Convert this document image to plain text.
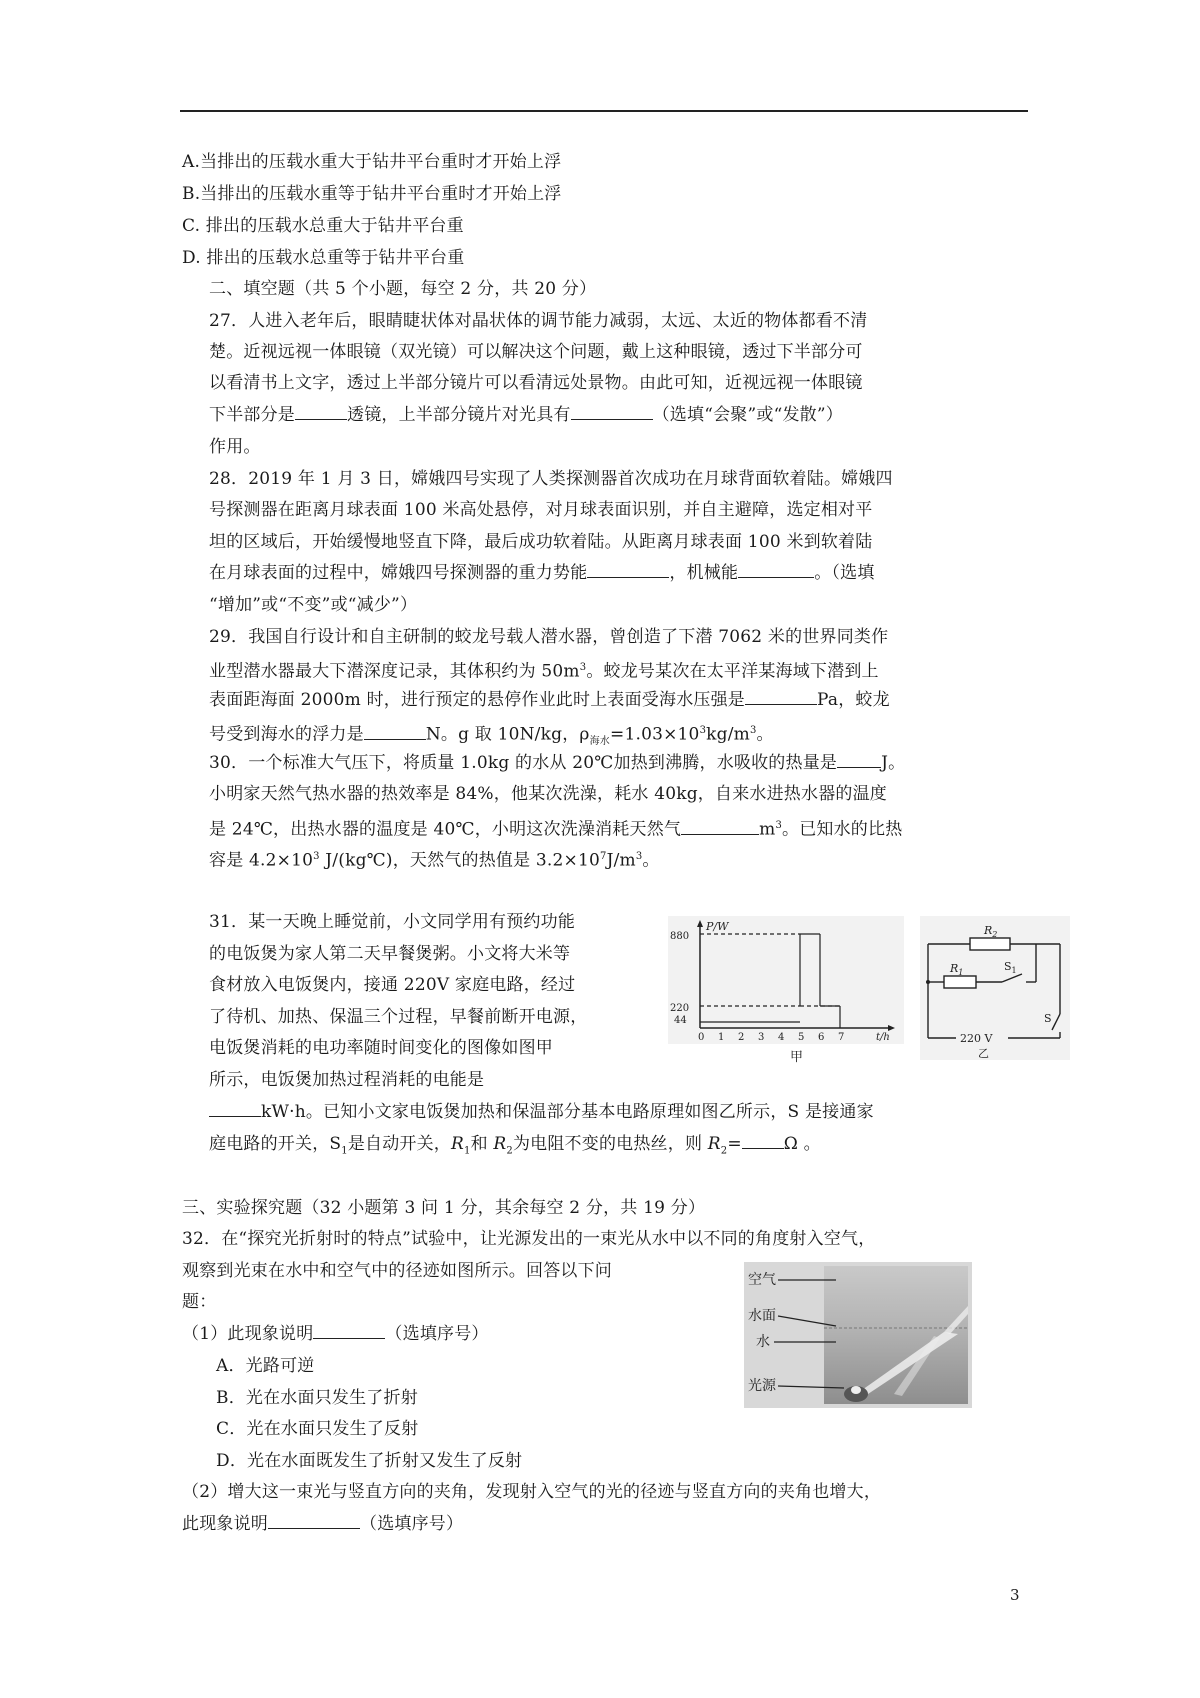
A.当排出的压载水重大于钻井平台重时才开始上浮
B.当排出的压载水重等于钻井平台重时才开始上浮
C. 排出的压载水总重大于钻井平台重
D. 排出的压载水总重等于钻井平台重
二、填空题（共 5 个小题，每空 2 分，共 20 分）
27．人进入老年后，眼睛睫状体对晶状体的调节能力减弱，太远、太近的物体都看不清
楚。近视远视一体眼镜（双光镜）可以解决这个问题，戴上这种眼镜，透过下半部分可
以看清书上文字，透过上半部分镜片可以看清远处景物。由此可知，近视远视一体眼镜
下半部分是	透镜，上半部分镜片对光具有	（选填“会聚”或“发散”）
作用。
28．2019 年 1 月 3 日，嫦娥四号实现了人类探测器首次成功在月球背面软着陆。嫦娥四
号探测器在距离月球表面 100 米高处悬停，对月球表面识别，并自主避障，选定相对平
坦的区域后，开始缓慢地竖直下降，最后成功软着陆。从距离月球表面 100 米到软着陆
在月球表面的过程中，嫦娥四号探测器的重力势能	，机械能	。（选填
“增加”或“不变”或“减少”）
29．我国自行设计和自主研制的蛟龙号载人潜水器，曾创造了下潜 7062 米的世界同类作
业型潜水器最大下潜深度记录，其体积约为 $50m^3$。蛟龙号某次在太平洋某海域下潜到上
表面距海面 2000m 时，进行预定的悬停作业此时上表面受海水压强是	Pa，蛟龙
号受到海水的浮力是	N。g 取 10N/kg，$\rho_{海水}=1.03\times 10^3kg/m^3$。
30．一个标准大气压下，将质量 1.0kg 的水从 20℃加热到沸腾，水吸收的热量是	J。
小明家天然气热水器的热效率是 84%，他某次洗澡，耗水 40kg，自来水进热水器的温度
是 24℃，出热水器的温度是 40℃，小明这次洗澡消耗天然气	$m^3$。已知水的比热
容是 $4.2\times 10^3$ J/(kg℃)，天然气的热值是 $3.2\times 10^7J/m^3$。
31．某一天晚上睡觉前，小文同学用有预约功能
的电饭煲为家人第二天早餐煲粥。小文将大米等
食材放入电饭煲内，接通 220V 家庭电路，经过
了待机、加热、保温三个过程，早餐前断开电源，
电饭煲消耗的电功率随时间变化的图像如图甲
所示，电饭煲加热过程消耗的电能是
kW·h。已知小文家电饭煲加热和保温部分基本电路原理如图乙所示，S 是接通家
庭电路的开关，$S_1$是自动开关，$R_1$和 $R_2$为电阻不变的电热丝，则 $R_2= \Omega$ 。
P/W
t/h
880
220
44
0 1 2 3 4 5 6 7
甲
$R_2$
$R_1$	$S_1$
S
220 V
乙
三、实验探究题（32 小题第 3 问 1 分，其余每空 2 分，共 19 分）
32．在“探究光折射时的特点”试验中，让光源发出的一束光从水中以不同的角度射入空气，
观察到光束在水中和空气中的径迹如图所示。回答以下问
题：
（1）此现象说明	（选填序号）
A．光路可逆
B．光在水面只发生了折射
C．光在水面只发生了反射
D．光在水面既发生了折射又发生了反射
（2）增大这一束光与竖直方向的夹角，发现射入空气的光的径迹与竖直方向的夹角也增大，
此现象说明	（选填序号）
空气
水面
水
光源
3
